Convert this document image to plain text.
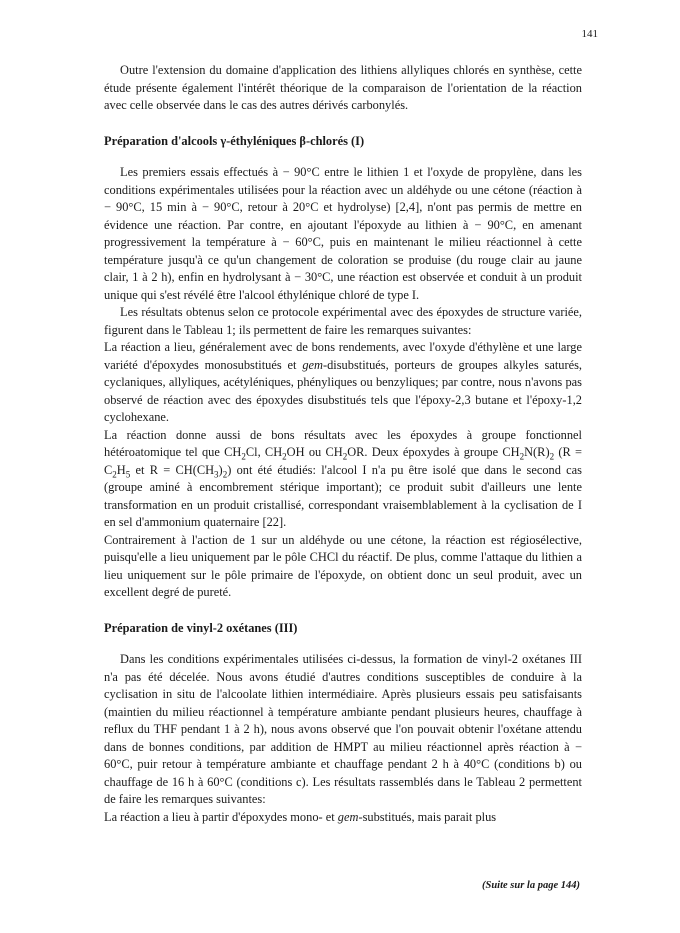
141

Outre l'extension du domaine d'application des lithiens allyliques chlorés en synthèse, cette étude présente également l'intérêt théorique de la comparaison de l'orientation de la réaction avec celle observée dans le cas des autres dérivés carbonylés.

Préparation d'alcools γ-éthyléniques β-chlorés (I)

Les premiers essais effectués à − 90°C entre le lithien 1 et l'oxyde de propylène, dans les conditions expérimentales utilisées pour la réaction avec un aldéhyde ou une cétone (réaction à − 90°C, 15 min à − 90°C, retour à 20°C et hydrolyse) [2,4], n'ont pas permis de mettre en évidence une réaction. Par contre, en ajoutant l'époxyde au lithien à − 90°C, en amenant progressivement la température à − 60°C, puis en maintenant le milieu réactionnel à cette température jusqu'à ce qu'un changement de coloration se produise (du rouge clair au jaune clair, 1 à 2 h), enfin en hydrolysant à − 30°C, une réaction est observée et conduit à un produit unique qui s'est révélé être l'alcool éthylénique chloré de type I.

Les résultats obtenus selon ce protocole expérimental avec des époxydes de structure variée, figurent dans le Tableau 1; ils permettent de faire les remarques suivantes:

La réaction a lieu, généralement avec de bons rendements, avec l'oxyde d'éthylène et une large variété d'époxydes monosubstitués et gem-disubstitués, porteurs de groupes alkyles saturés, cyclaniques, allyliques, acétyléniques, phényliques ou benzyliques; par contre, nous n'avons pas observé de réaction avec des époxydes disubstitués tels que l'époxy-2,3 butane et l'époxy-1,2 cyclohexane.

La réaction donne aussi de bons résultats avec les époxydes à groupe fonctionnel hétéroatomique tel que $CH_2Cl$, $CH_2OH$ ou $CH_2OR$. Deux époxydes à groupe $CH_2N(R)_2$ ($R = C_2H_5$ et $R = CH(CH_3)_2$) ont été étudiés: l'alcool I n'a pu être isolé que dans le second cas (groupe aminé à encombrement stérique important); ce produit subit d'ailleurs une lente transformation en un produit cristallisé, correspondant vraisemblablement à la cyclisation de I en sel d'ammonium quaternaire [22].

Contrairement à l'action de 1 sur un aldéhyde ou une cétone, la réaction est régiosélective, puisqu'elle a lieu uniquement par le pôle CHCl du réactif. De plus, comme l'attaque du lithien a lieu uniquement sur le pôle primaire de l'époxyde, on obtient donc un seul produit, avec un excellent degré de pureté.

Préparation de vinyl-2 oxétanes (III)

Dans les conditions expérimentales utilisées ci-dessus, la formation de vinyl-2 oxétanes III n'a pas été décelée. Nous avons étudié d'autres conditions susceptibles de conduire à la cyclisation in situ de l'alcoolate lithien intermédiaire. Après plusieurs essais peu satisfaisants (maintien du milieu réactionnel à température ambiante pendant plusieurs heures, chauffage à reflux du THF pendant 1 à 2 h), nous avons observé que l'on pouvait obtenir l'oxétane attendu dans de bonnes conditions, par addition de HMPT au milieu réactionnel après réaction à − 60°C, puir retour à température ambiante et chauffage pendant 2 h à 40°C (conditions b) ou chauffage de 16 h à 60°C (conditions c). Les résultats rassemblés dans le Tableau 2 permettent de faire les remarques suivantes:

La réaction a lieu à partir d'époxydes mono- et gem-substitués, mais parait plus

(Suite sur la page 144)
